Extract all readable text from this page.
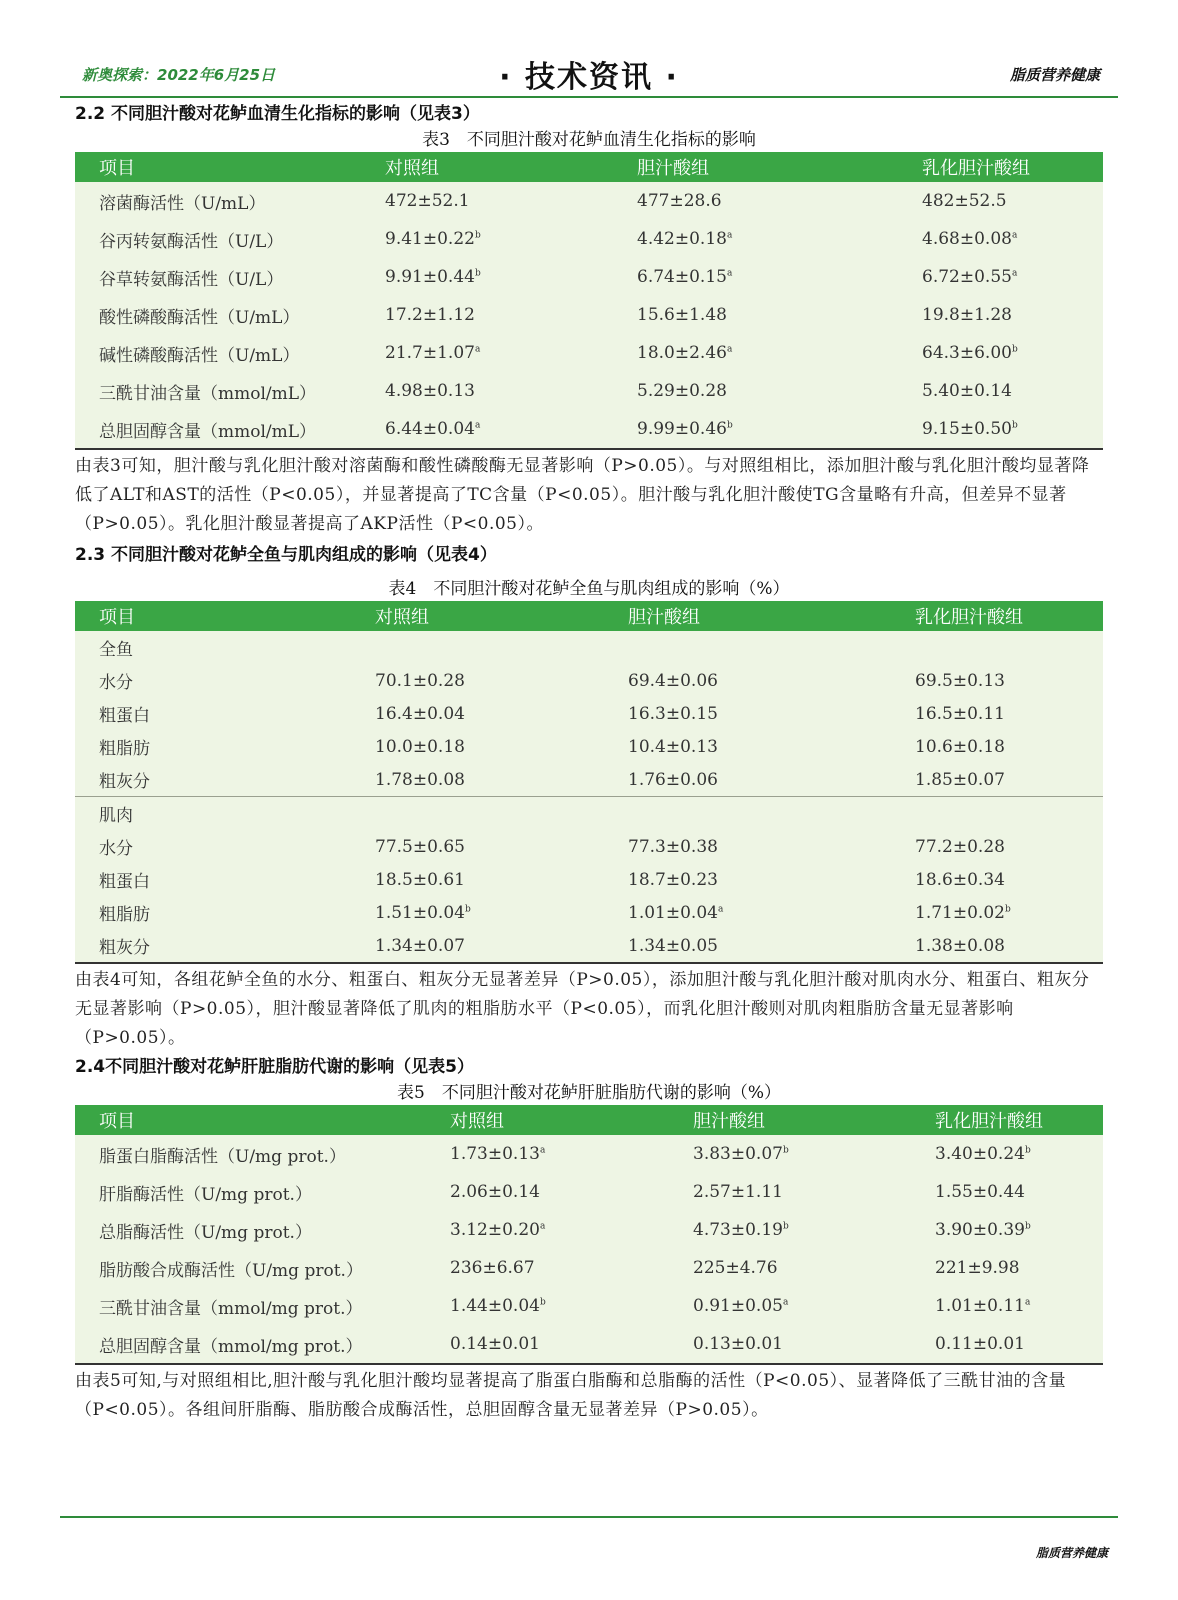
新奥探索：2022年6月25日	· 技术资讯 ·	脂质营养健康

2.2 不同胆汁酸对花鲈血清生化指标的影响（见表3）

表3　不同胆汁酸对花鲈血清生化指标的影响

项目	对照组	胆汁酸组	乳化胆汁酸组
溶菌酶活性（U/mL）	472±52.1	477±28.6	482±52.5
谷丙转氨酶活性（U/L）	9.41±0.22$^b$	4.42±0.18$^a$	4.68±0.08$^a$
谷草转氨酶活性（U/L）	9.91±0.44$^b$	6.74±0.15$^a$	6.72±0.55$^a$
酸性磷酸酶活性（U/mL）	17.2±1.12	15.6±1.48	19.8±1.28
碱性磷酸酶活性（U/mL）	21.7±1.07$^a$	18.0±2.46$^a$	64.3±6.00$^b$
三酰甘油含量（mmol/mL）	4.98±0.13	5.29±0.28	5.40±0.14
总胆固醇含量（mmol/mL）	6.44±0.04$^a$	9.99±0.46$^b$	9.15±0.50$^b$

由表3可知，胆汁酸与乳化胆汁酸对溶菌酶和酸性磷酸酶无显著影响（P>0.05）。与对照组相比，添加胆汁酸与乳化胆汁酸均显著降低了ALT和AST的活性（P<0.05），并显著提高了TC含量（P<0.05）。胆汁酸与乳化胆汁酸使TG含量略有升高，但差异不显著（P>0.05）。乳化胆汁酸显著提高了AKP活性（P<0.05）。

2.3 不同胆汁酸对花鲈全鱼与肌肉组成的影响（见表4）

表4　不同胆汁酸对花鲈全鱼与肌肉组成的影响（%）

项目	对照组	胆汁酸组	乳化胆汁酸组
全鱼			
水分	70.1±0.28	69.4±0.06	69.5±0.13
粗蛋白	16.4±0.04	16.3±0.15	16.5±0.11
粗脂肪	10.0±0.18	10.4±0.13	10.6±0.18
粗灰分	1.78±0.08	1.76±0.06	1.85±0.07
肌肉			
水分	77.5±0.65	77.3±0.38	77.2±0.28
粗蛋白	18.5±0.61	18.7±0.23	18.6±0.34
粗脂肪	1.51±0.04$^b$	1.01±0.04$^a$	1.71±0.02$^b$
粗灰分	1.34±0.07	1.34±0.05	1.38±0.08

由表4可知，各组花鲈全鱼的水分、粗蛋白、粗灰分无显著差异（P>0.05），添加胆汁酸与乳化胆汁酸对肌肉水分、粗蛋白、粗灰分无显著影响（P>0.05），胆汁酸显著降低了肌肉的粗脂肪水平（P<0.05），而乳化胆汁酸则对肌肉粗脂肪含量无显著影响（P>0.05）。

2.4不同胆汁酸对花鲈肝脏脂肪代谢的影响（见表5）

表5　不同胆汁酸对花鲈肝脏脂肪代谢的影响（%）

项目	对照组	胆汁酸组	乳化胆汁酸组
脂蛋白脂酶活性（U/mg prot.）	1.73±0.13$^a$	3.83±0.07$^b$	3.40±0.24$^b$
肝脂酶活性（U/mg prot.）	2.06±0.14	2.57±1.11	1.55±0.44
总脂酶活性（U/mg prot.）	3.12±0.20$^a$	4.73±0.19$^b$	3.90±0.39$^b$
脂肪酸合成酶活性（U/mg prot.）	236±6.67	225±4.76	221±9.98
三酰甘油含量（mmol/mg prot.）	1.44±0.04$^b$	0.91±0.05$^a$	1.01±0.11$^a$
总胆固醇含量（mmol/mg prot.）	0.14±0.01	0.13±0.01	0.11±0.01

由表5可知,与对照组相比,胆汁酸与乳化胆汁酸均显著提高了脂蛋白脂酶和总脂酶的活性（P<0.05）、显著降低了三酰甘油的含量（P<0.05）。各组间肝脂酶、脂肪酸合成酶活性，总胆固醇含量无显著差异（P>0.05）。

脂质营养健康
